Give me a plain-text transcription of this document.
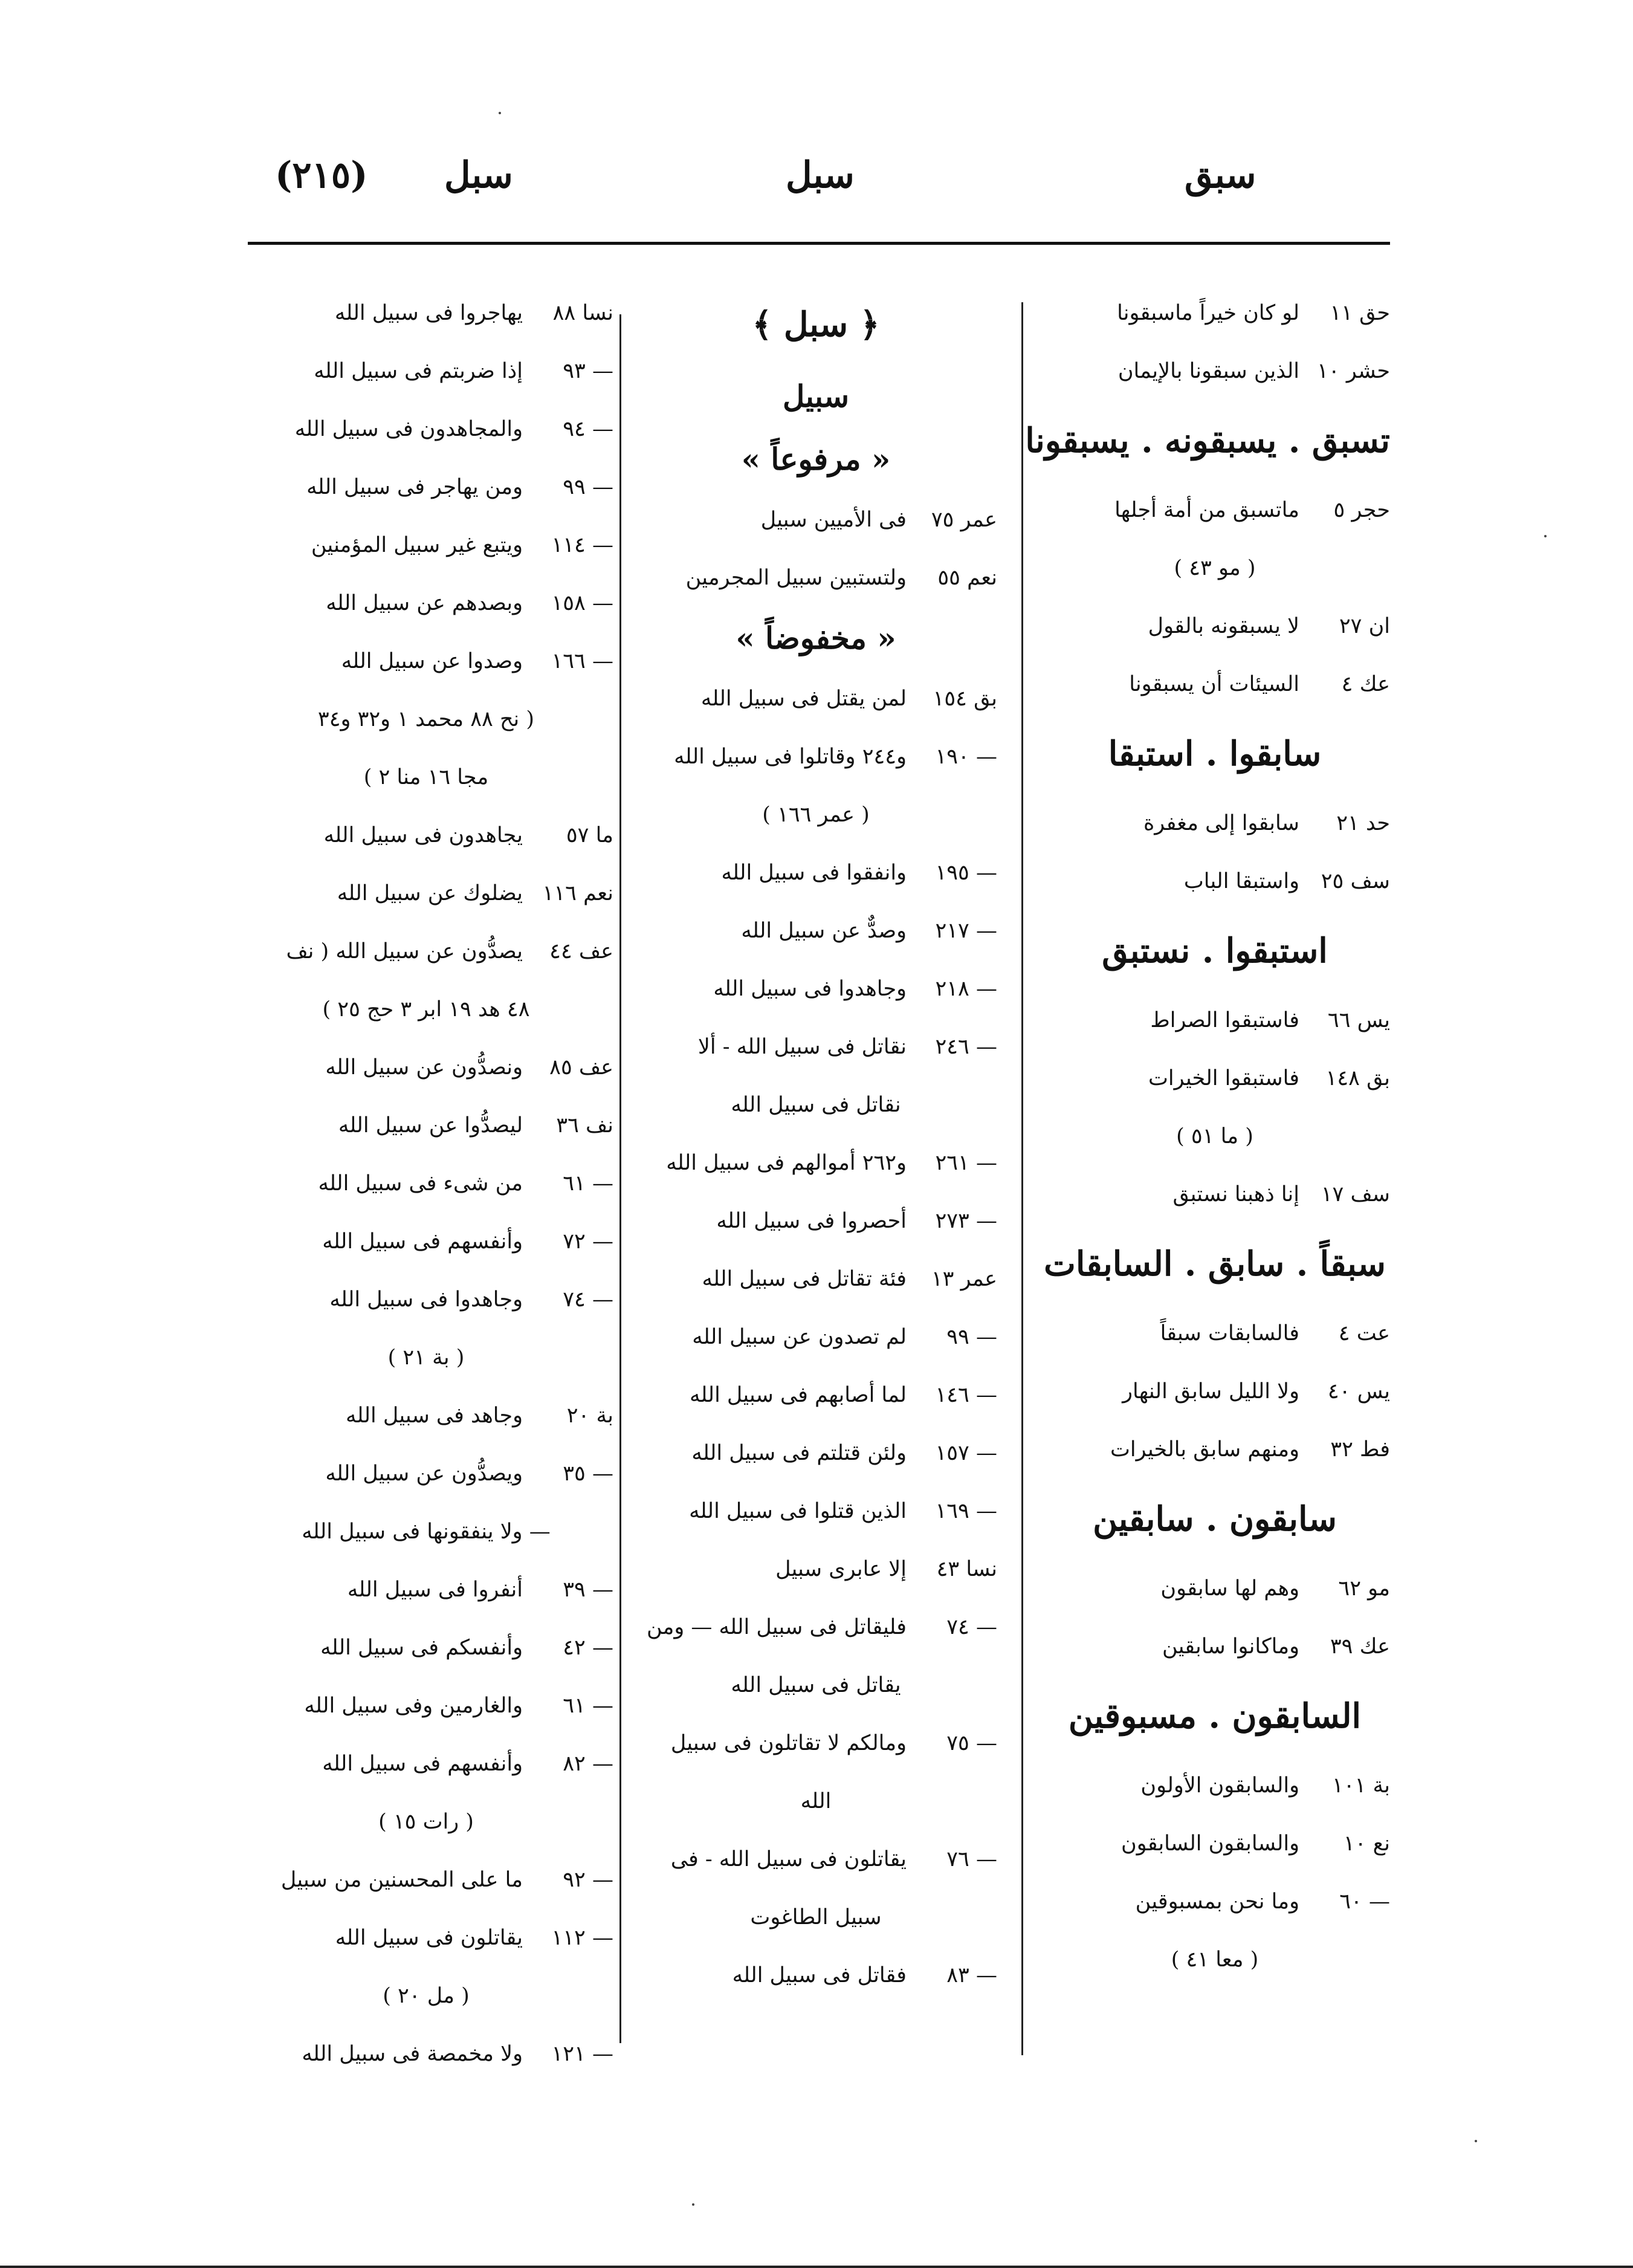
(٢١٥) سبل	سبل	سبق
حق ١١لو كان خيراً ماسبقونا
حشر ١٠الذين سبقونا بالإيمان
تسبق . يسبقونه . يسبقونا
حجر ٥ماتسبق من أمة أجلها
( مو ٤٣ )
ان ٢٧لا يسبقونه بالقول
عك ٤السيئات أن يسبقونا
سابقوا . استبقا
حد ٢١سابقوا إلى مغفرة
سف ٢٥واستبقا الباب
استبقوا . نستبق
يس ٦٦فاستبقوا الصراط
بق ١٤٨فاستبقوا الخيرات
( ما ٥١ )
سف ١٧إنا ذهبنا نستبق
سبقاً . سابق . السابقات
عت ٤فالسابقات سبقاً
يس ٤٠ولا الليل سابق النهار
فط ٣٢ومنهم سابق بالخيرات
سابقون . سابقين
مو ٦٢وهم لها سابقون
عك ٣٩وماكانوا سابقين
السابقون . مسبوقين
بة ١٠١والسابقون الأولون
نع ١٠والسابقون السابقون
— ٦٠وما نحن بمسبوقين
( معا ٤١ )
﴿ سبل ﴾
سبيل
« مرفوعاً »
عمر ٧٥فى الأميين سبيل
نعم ٥٥ولتستبين سبيل المجرمين
« مخفوضاً »
بق ١٥٤لمن يقتل فى سبيل الله
— ١٩٠و٢٤٤ وقاتلوا فى سبيل الله
( عمر ١٦٦ )
— ١٩٥وانفقوا فى سبيل الله
— ٢١٧وصدٌّ عن سبيل الله
— ٢١٨وجاهدوا فى سبيل الله
— ٢٤٦نقاتل فى سبيل الله - ألا
نقاتل فى سبيل الله
— ٢٦١و٢٦٢ أموالهم فى سبيل الله
— ٢٧٣أحصروا فى سبيل الله
عمر ١٣فئة تقاتل فى سبيل الله
— ٩٩لم تصدون عن سبيل الله
— ١٤٦لما أصابهم فى سبيل الله
— ١٥٧ولئن قتلتم فى سبيل الله
— ١٦٩الذين قتلوا فى سبيل الله
نسا ٤٣إلا عابرى سبيل
— ٧٤فليقاتل فى سبيل الله — ومن
يقاتل فى سبيل الله
— ٧٥ومالكم لا تقاتلون فى سبيل
الله
— ٧٦يقاتلون فى سبيل الله - فى
سبيل الطاغوت
— ٨٣فقاتل فى سبيل الله
نسا ٨٨يهاجروا فى سبيل الله
— ٩٣إذا ضربتم فى سبيل الله
— ٩٤والمجاهدون فى سبيل الله
— ٩٩ومن يهاجر فى سبيل الله
— ١١٤ويتبع غير سبيل المؤمنين
— ١٥٨وبصدهم عن سبيل الله
— ١٦٦وصدوا عن سبيل الله
( نح ٨٨ محمد ١ و٣٢ و٣٤
مجا ١٦ منا ٢ )
ما ٥٧يجاهدون فى سبيل الله
نعم ١١٦يضلوك عن سبيل الله
عف ٤٤يصدُّون عن سبيل الله ( نف
٤٨ هد ١٩ ابر ٣ حج ٢٥ )
عف ٨٥ونصدُّون عن سبيل الله
نف ٣٦ليصدُّوا عن سبيل الله
— ٦١من شىء فى سبيل الله
— ٧٢وأنفسهم فى سبيل الله
— ٧٤وجاهدوا فى سبيل الله
( بة ٢١ )
بة ٢٠وجاهد فى سبيل الله
— ٣٥ويصدُّون عن سبيل الله
— ولا ينفقونها فى سبيل الله
— ٣٩أنفروا فى سبيل الله
— ٤٢وأنفسكم فى سبيل الله
— ٦١والغارمين وفى سبيل الله
— ٨٢وأنفسهم فى سبيل الله
( رات ١٥ )
— ٩٢ما على المحسنين من سبيل
— ١١٢يقاتلون فى سبيل الله
( مل ٢٠ )
— ١٢١ولا مخمصة فى سبيل الله
